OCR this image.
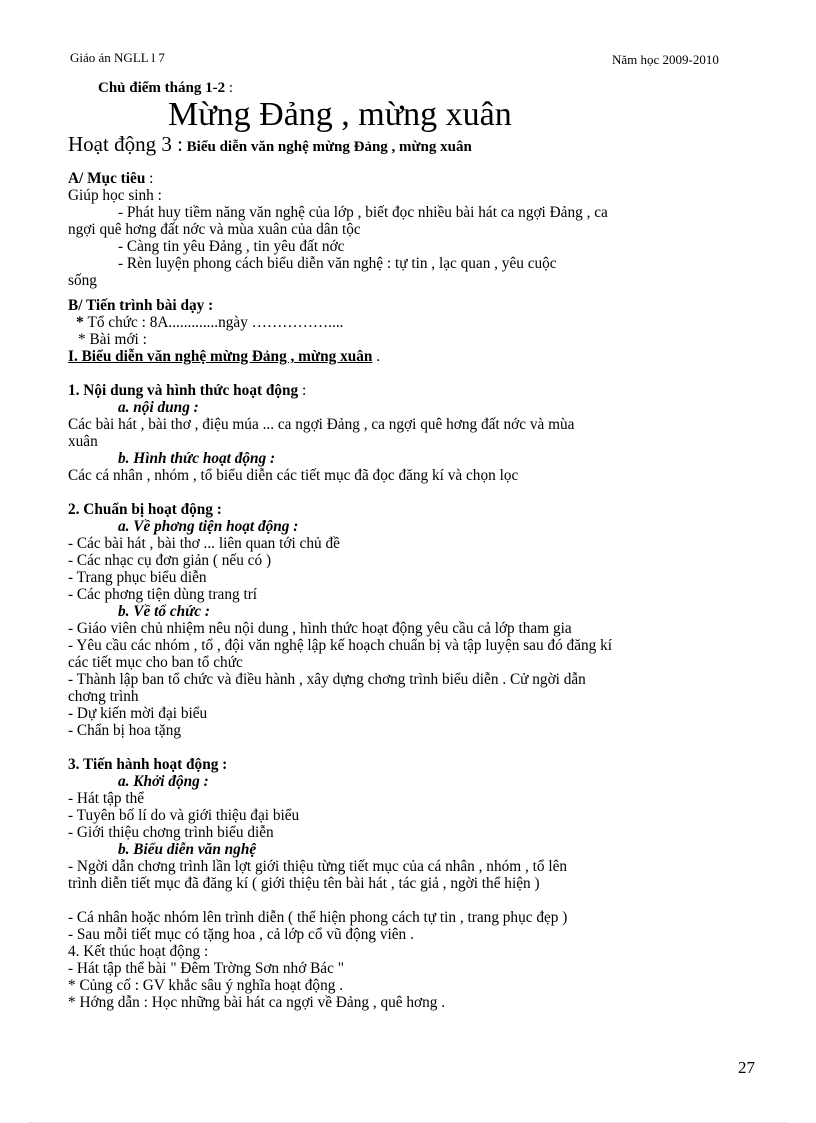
Giáo án NGLL l 7	Năm học 2009-2010
Chủ điểm tháng 1-2 :
Mừng Đảng , mừng xuân
Hoạt động 3 : Biểu diễn văn nghệ mừng Đảng , mừng xuân

A/ Mục tiêu :

Giúp học sinh :

- Phát huy tiềm năng văn nghệ của lớp , biết đọc nhiều bài hát ca ngợi Đảng , ca

ngợi quê hơng đất nớc và mùa xuân của dân tộc

- Càng tin yêu Đảng , tin yêu đất nớc

- Rèn luyện phong cách biểu diễn văn nghệ : tự tin , lạc quan , yêu cuộc

sống

B/ Tiến trình bài dạy :

* Tổ chức : 8A.............ngày ……………....

* Bài mới :

I. Biểu diễn văn nghệ mừng Đảng , mừng xuân .

1. Nội dung và hình thức hoạt động :

a. nội dung :

Các bài hát , bài thơ , điệu múa ... ca ngợi Đảng , ca ngợi quê hơng đất nớc và mùa

xuân

b. Hình thức hoạt động :

Các cá nhân , nhóm , tổ biểu diễn các tiết mục đã đọc đăng kí và chọn lọc

2. Chuẩn bị hoạt động :

a. Về phơng tiện hoạt động :

- Các bài hát , bài thơ ... liên quan tới chủ đề

- Các nhạc cụ đơn giản ( nếu có )

- Trang phục biểu diễn

- Các phơng tiện dùng trang trí

b. Về tổ chức :

- Giáo viên chủ nhiệm nêu nội dung , hình thức hoạt động yêu cầu cả lớp tham gia

- Yêu cầu các nhóm , tổ , đội văn nghệ lập kế hoạch chuẩn bị và tập luyện sau đó đăng kí

các tiết mục cho ban tổ chức

- Thành lập ban tổ chức và điều hành , xây dựng chơng trình biểu diễn . Cử ngời dẫn

chơng trình

- Dự kiến mời đại biểu

- Chẩn bị hoa tặng

3. Tiến hành hoạt động :

a. Khởi động :

- Hát tập thể

- Tuyên bố lí do và giới thiệu đại biểu

- Giới thiệu chơng trình biểu diễn

b. Biểu diễn văn nghệ

- Ngời dẫn chơng trình lần lợt giới thiệu từng tiết mục của cá nhân , nhóm , tổ lên

trình diễn tiết mục đã đăng kí ( giới thiệu tên bài hát , tác giả , ngời thể hiện )

- Cá nhân hoặc nhóm lên trình diễn ( thể hiện phong cách tự tin , trang phục đẹp )

- Sau mỗi tiết mục có tặng hoa , cả lớp cổ vũ động viên .

4. Kết thúc hoạt động :

- Hát tập thể bài " Đêm Trờng Sơn nhớ Bác "

* Củng cố : GV khắc sâu ý nghĩa hoạt động .

* Hớng dẫn : Học những bài hát ca ngợi về Đảng , quê hơng .

27
